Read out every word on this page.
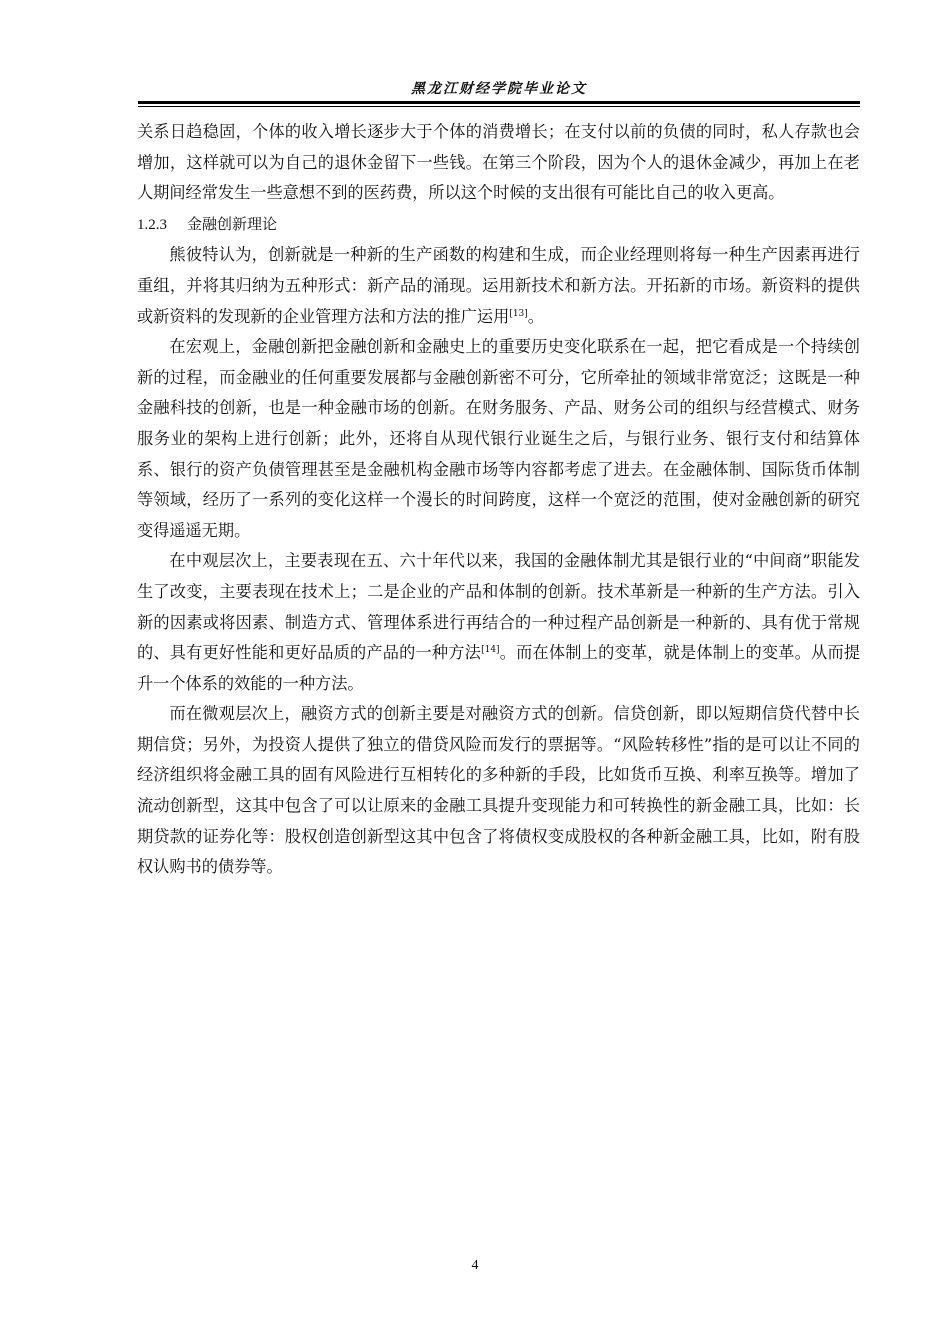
黑龙江财经学院毕业论文

关系日趋稳固，个体的收入增长逐步大于个体的消费增长；在支付以前的负债的同时，私人存款也会增加，这样就可以为自己的退休金留下一些钱。在第三个阶段，因为个人的退休金减少，再加上在老人期间经常发生一些意想不到的医药费，所以这个时候的支出很有可能比自己的收入更高。

1.2.3 金融创新理论

熊彼特认为，创新就是一种新的生产函数的构建和生成，而企业经理则将每一种生产因素再进行重组，并将其归纳为五种形式：新产品的涌现。运用新技术和新方法。开拓新的市场。新资料的提供或新资料的发现新的企业管理方法和方法的推广运用[13]。

在宏观上，金融创新把金融创新和金融史上的重要历史变化联系在一起，把它看成是一个持续创新的过程，而金融业的任何重要发展都与金融创新密不可分，它所牵扯的领域非常宽泛；这既是一种金融科技的创新，也是一种金融市场的创新。在财务服务、产品、财务公司的组织与经营模式、财务服务业的架构上进行创新；此外，还将自从现代银行业诞生之后，与银行业务、银行支付和结算体系、银行的资产负债管理甚至是金融机构金融市场等内容都考虑了进去。在金融体制、国际货币体制等领域，经历了一系列的变化这样一个漫长的时间跨度，这样一个宽泛的范围，使对金融创新的研究变得遥遥无期。

在中观层次上，主要表现在五、六十年代以来，我国的金融体制尤其是银行业的“中间商”职能发生了改变，主要表现在技术上；二是企业的产品和体制的创新。技术革新是一种新的生产方法。引入新的因素或将因素、制造方式、管理体系进行再结合的一种过程产品创新是一种新的、具有优于常规的、具有更好性能和更好品质的产品的一种方法[14]。而在体制上的变革，就是体制上的变革。从而提升一个体系的效能的一种方法。

而在微观层次上，融资方式的创新主要是对融资方式的创新。信贷创新，即以短期信贷代替中长期信贷；另外，为投资人提供了独立的借贷风险而发行的票据等。“风险转移性”指的是可以让不同的经济组织将金融工具的固有风险进行互相转化的多种新的手段，比如货币互换、利率互换等。增加了流动创新型，这其中包含了可以让原来的金融工具提升变现能力和可转换性的新金融工具，比如：长期贷款的证券化等：股权创造创新型这其中包含了将债权变成股权的各种新金融工具，比如，附有股权认购书的债券等。

4
